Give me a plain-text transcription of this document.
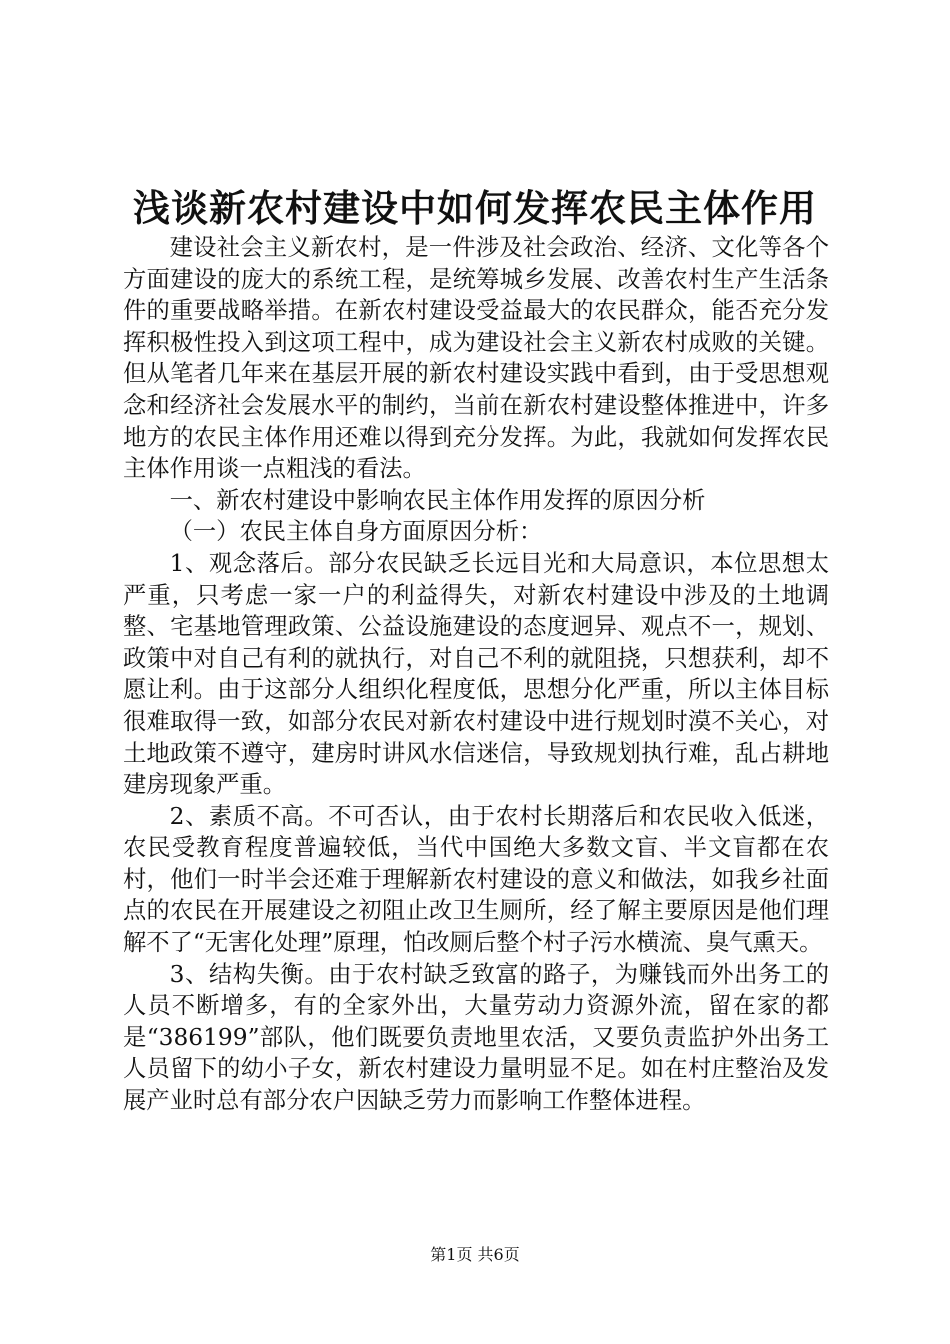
浅谈新农村建设中如何发挥农民主体作用

建设社会主义新农村，是一件涉及社会政治、经济、文化等各个方面建设的庞大的系统工程，是统筹城乡发展、改善农村生产生活条件的重要战略举措。在新农村建设受益最大的农民群众，能否充分发挥积极性投入到这项工程中，成为建设社会主义新农村成败的关键。但从笔者几年来在基层开展的新农村建设实践中看到，由于受思想观念和经济社会发展水平的制约，当前在新农村建设整体推进中，许多地方的农民主体作用还难以得到充分发挥。为此，我就如何发挥农民主体作用谈一点粗浅的看法。

一、新农村建设中影响农民主体作用发挥的原因分析

（一）农民主体自身方面原因分析：

1、观念落后。部分农民缺乏长远目光和大局意识，本位思想太严重，只考虑一家一户的利益得失，对新农村建设中涉及的土地调整、宅基地管理政策、公益设施建设的态度迥异、观点不一，规划、政策中对自己有利的就执行，对自己不利的就阻挠，只想获利，却不愿让利。由于这部分人组织化程度低，思想分化严重，所以主体目标很难取得一致，如部分农民对新农村建设中进行规划时漠不关心，对土地政策不遵守，建房时讲风水信迷信，导致规划执行难，乱占耕地建房现象严重。

2、素质不高。不可否认，由于农村长期落后和农民收入低迷，农民受教育程度普遍较低，当代中国绝大多数文盲、半文盲都在农村，他们一时半会还难于理解新农村建设的意义和做法，如我乡社面点的农民在开展建设之初阻止改卫生厕所，经了解主要原因是他们理解不了“无害化处理”原理，怕改厕后整个村子污水横流、臭气熏天。

3、结构失衡。由于农村缺乏致富的路子，为赚钱而外出务工的人员不断增多，有的全家外出，大量劳动力资源外流，留在家的都是“386199”部队，他们既要负责地里农活，又要负责监护外出务工人员留下的幼小子女，新农村建设力量明显不足。如在村庄整治及发展产业时总有部分农户因缺乏劳力而影响工作整体进程。

第1页 共6页
